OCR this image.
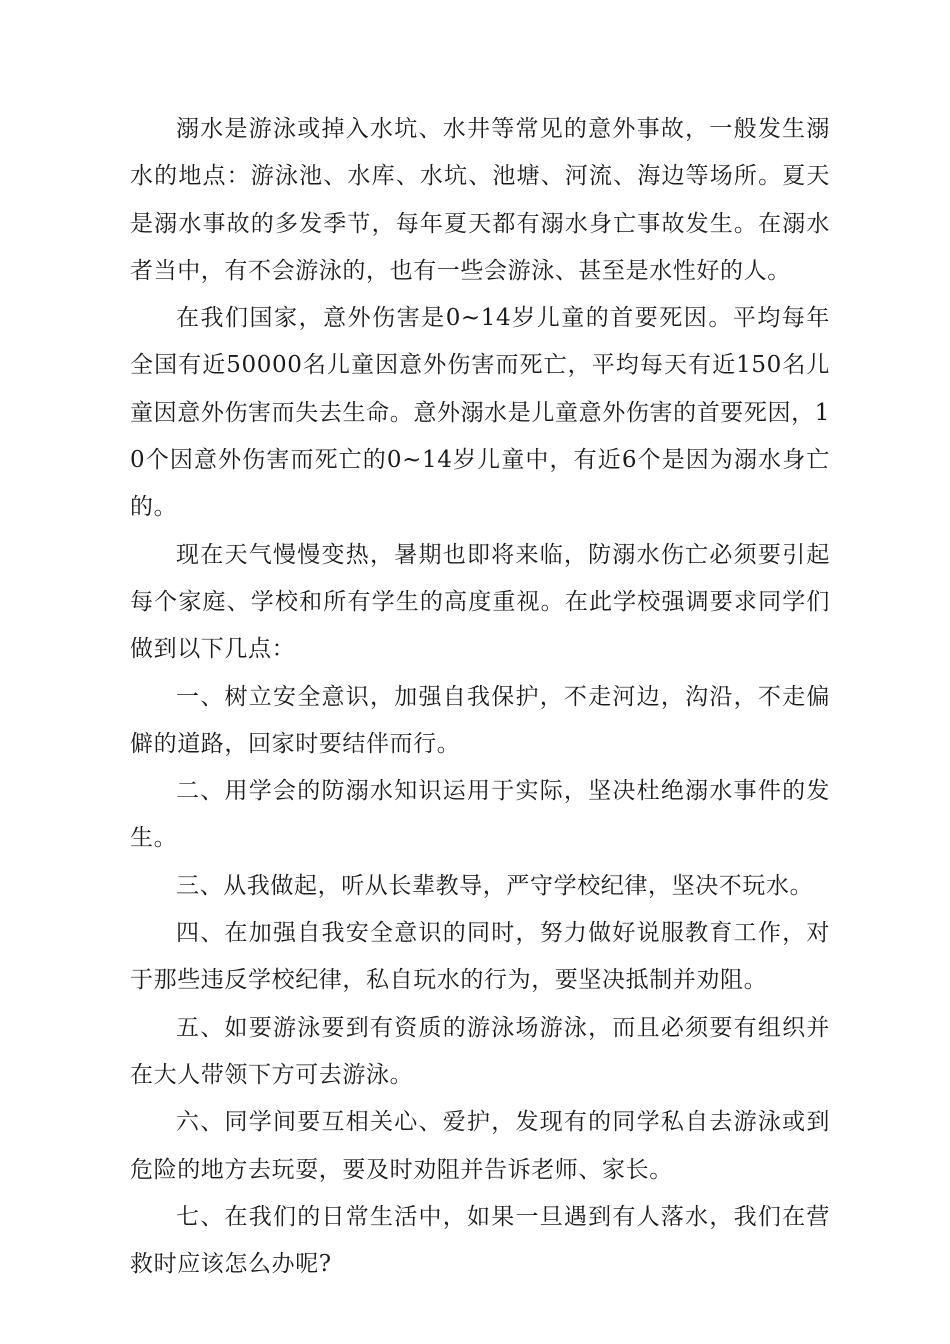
溺水是游泳或掉入水坑、水井等常见的意外事故，一般发生溺水的地点：游泳池、水库、水坑、池塘、河流、海边等场所。夏天是溺水事故的多发季节，每年夏天都有溺水身亡事故发生。在溺水者当中，有不会游泳的，也有一些会游泳、甚至是水性好的人。

在我们国家，意外伤害是0~14岁儿童的首要死因。平均每年全国有近50000名儿童因意外伤害而死亡，平均每天有近150名儿童因意外伤害而失去生命。意外溺水是儿童意外伤害的首要死因，10个因意外伤害而死亡的0~14岁儿童中，有近6个是因为溺水身亡的。

现在天气慢慢变热，暑期也即将来临，防溺水伤亡必须要引起每个家庭、学校和所有学生的高度重视。在此学校强调要求同学们做到以下几点：

一、树立安全意识，加强自我保护，不走河边，沟沿，不走偏僻的道路，回家时要结伴而行。

二、用学会的防溺水知识运用于实际，坚决杜绝溺水事件的发生。

三、从我做起，听从长辈教导，严守学校纪律，坚决不玩水。

四、在加强自我安全意识的同时，努力做好说服教育工作，对于那些违反学校纪律，私自玩水的行为，要坚决抵制并劝阻。

五、如要游泳要到有资质的游泳场游泳，而且必须要有组织并在大人带领下方可去游泳。

六、同学间要互相关心、爱护，发现有的同学私自去游泳或到危险的地方去玩耍，要及时劝阻并告诉老师、家长。

七、在我们的日常生活中，如果一旦遇到有人落水，我们在营救时应该怎么办呢?
